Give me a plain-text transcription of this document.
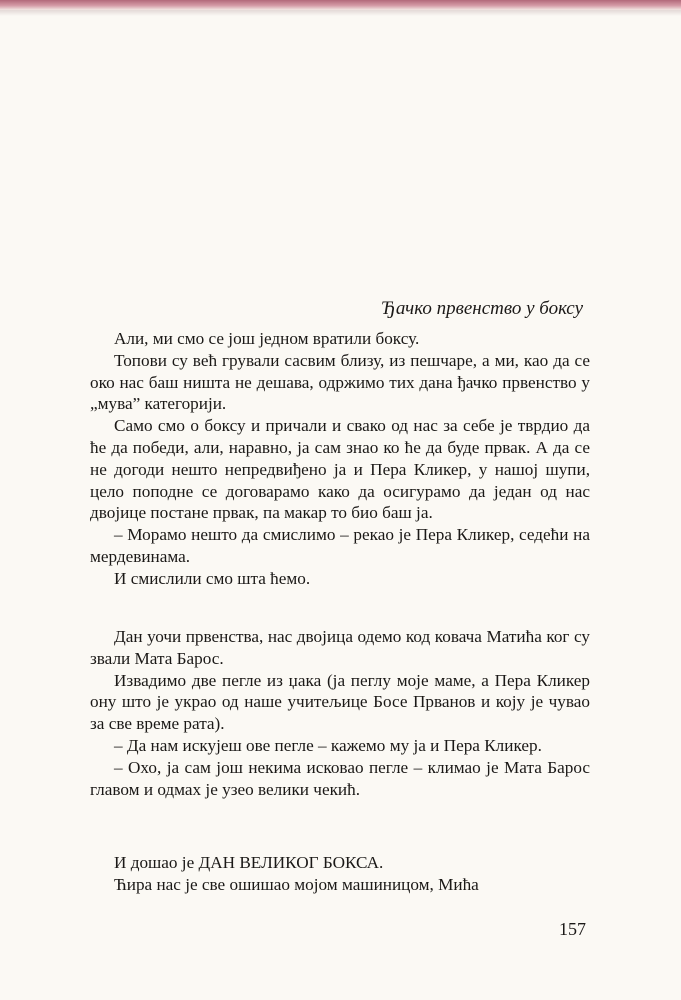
Ђачко првенство у боксу

Али, ми смо се још једном вратили боксу.

Топови су већ грували сасвим близу, из пешчаре, а ми, као да се око нас баш ништа не дешава, одржимо тих дана ђачко првенство у „мува” категорији.

Само смо о боксу и причали и свако од нас за себе је тврдио да ће да победи, али, наравно, ја сам знао ко ће да буде првак. А да се не догоди нешто непредвиђено ја и Пера Кликер, у нашој шупи, цело поподне се договарамо како да осигурамо да један од нас двојице постане првак, па макар то био баш ја.

– Морамо нешто да смислимо – рекао је Пера Кликер, седећи на мердевинама.

И смислили смо шта ћемо.

Дан уочи првенства, нас двојица одемо код ковача Матића ког су звали Мата Барос.

Извадимо две пегле из џака (ја пеглу моје маме, а Пера Кликер ону што је украо од наше учитељице Босе Прванов и коју је чувао за све време рата).

– Да нам искујеш ове пегле – кажемо му ја и Пера Кликер.

– Охо, ја сам још некима исковао пегле – климао је Мата Барос главом и одмах је узео велики чекић.

И дошао је ДАН ВЕЛИКОГ БОКСА.

Ћира нас је све ошишао мојом машиницом, Мића

157
